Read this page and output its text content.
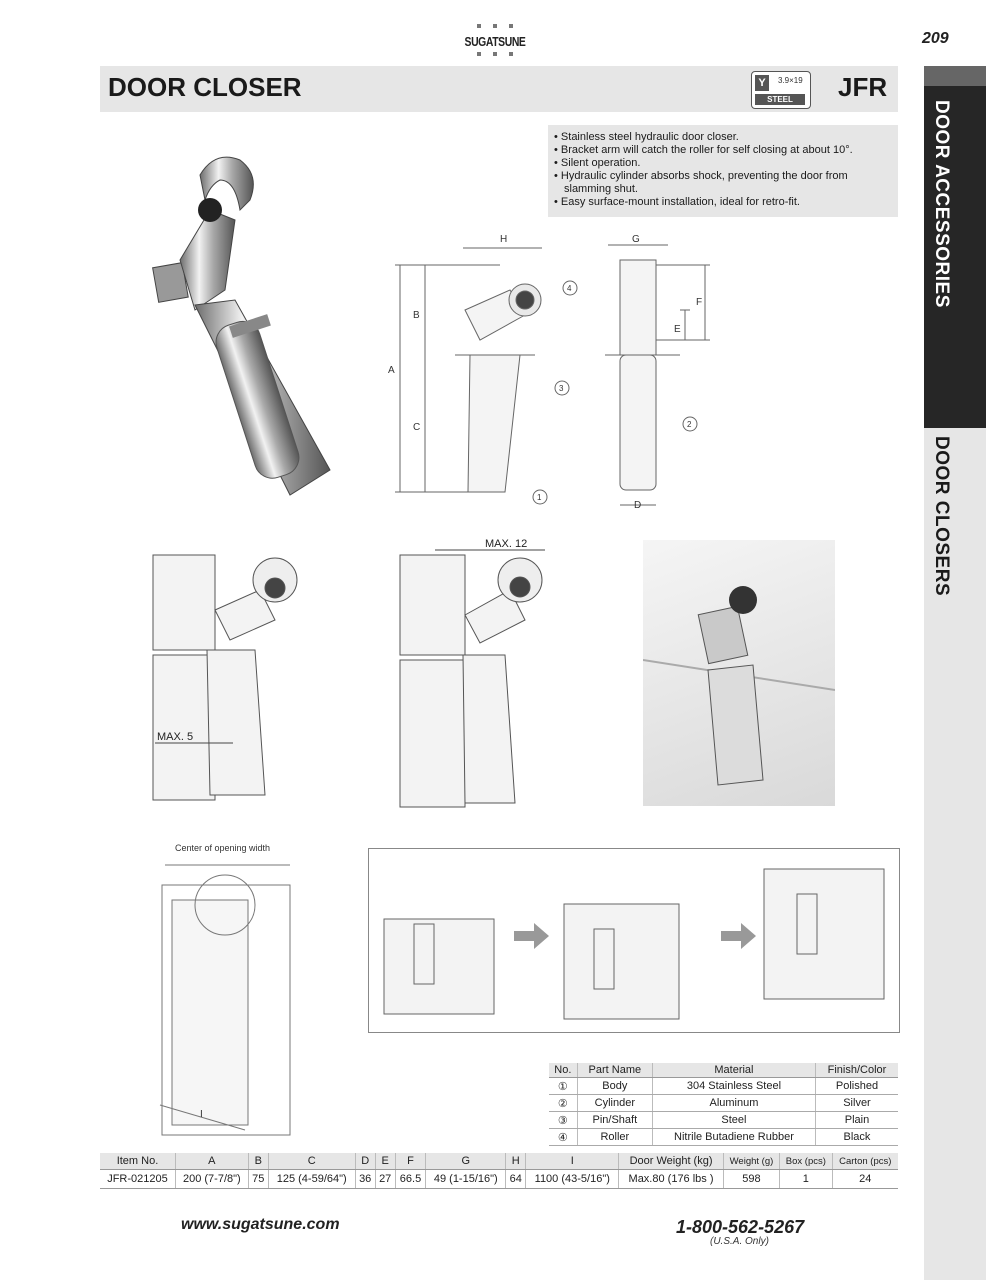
SUGATSUNE	209
DOOR CLOSER	Y	3.9×19
STEEL	JFR
DOOR ACCESSORIES
DOOR CLOSERS
• Stainless steel hydraulic door closer.
• Bracket arm will catch the roller for self closing at about 10°.
• Silent operation.
• Hydraulic cylinder absorbs shock, preventing the door from slamming shut.
• Easy surface-mount installation, ideal for retro-fit.
H
B
A
C
G
F
E
D
4
3
2
1
MAX. 5
MAX. 12
Center of opening width
I
No.	Part Name	Material	Finish/Color
①	Body	304 Stainless Steel	Polished
②	Cylinder	Aluminum	Silver
③	Pin/Shaft	Steel	Plain
④	Roller	Nitrile Butadiene Rubber	Black
Item No.	A	B	C	D	E	F	G	H	I	Door Weight (kg)	Weight (g)	Box (pcs)	Carton (pcs)
JFR-021205	200 (7-7/8")	75	125 (4-59/64")	36	27	66.5	49 (1-15/16")	64	1100 (43-5/16")	Max.80 (176 lbs )	598	1	24
www.sugatsune.com	1-800-562-5267
(U.S.A. Only)
